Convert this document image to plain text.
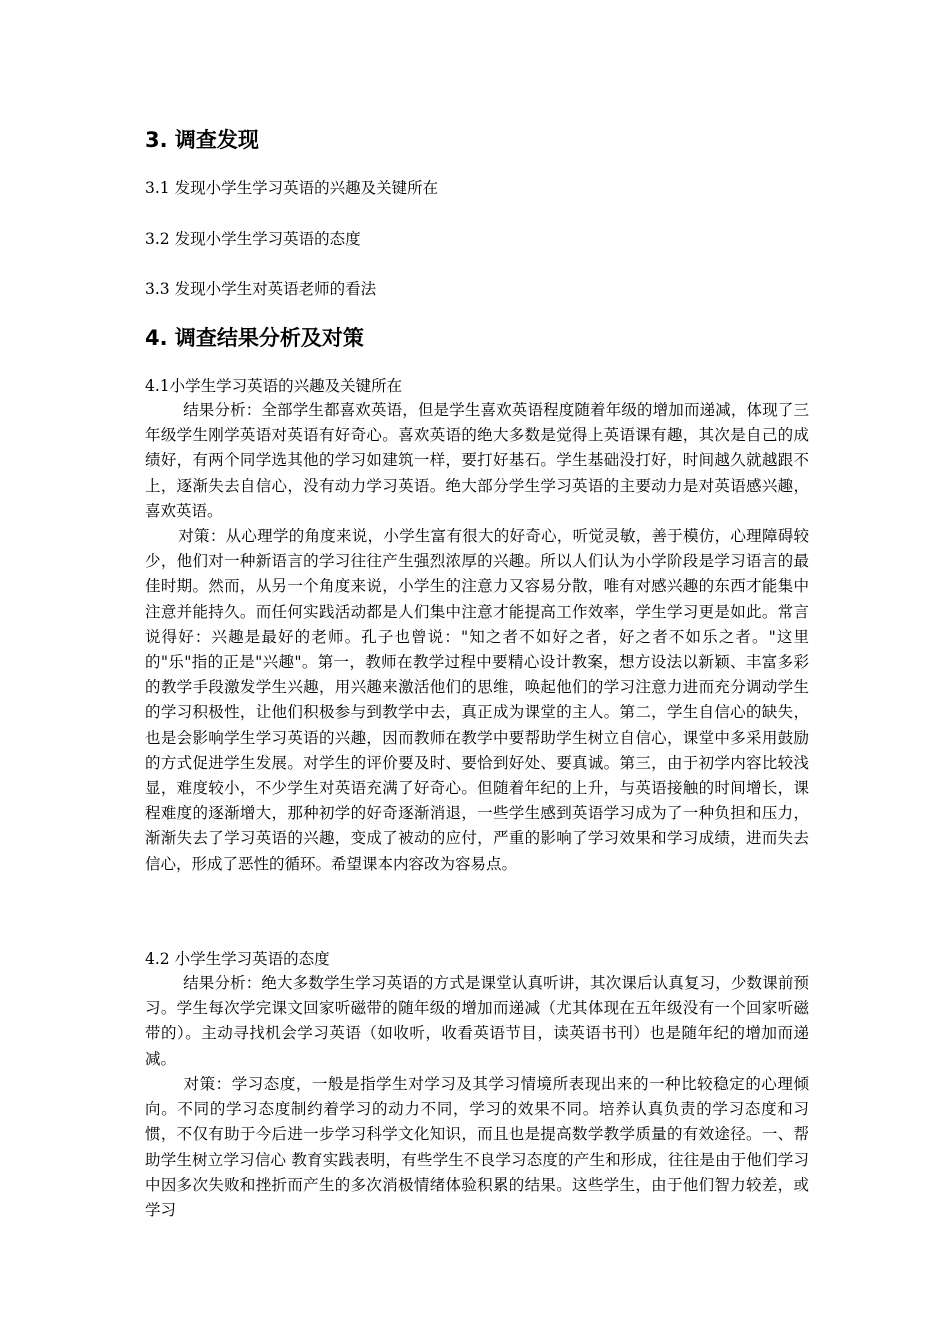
3. 调查发现
3.1 发现小学生学习英语的兴趣及关键所在
3.2 发现小学生学习英语的态度
3.3 发现小学生对英语老师的看法
4. 调查结果分析及对策
4.1小学生学习英语的兴趣及关键所在
结果分析：全部学生都喜欢英语，但是学生喜欢英语程度随着年级的增加而递减，体现了三年级学生刚学英语对英语有好奇心。喜欢英语的绝大多数是觉得上英语课有趣，其次是自己的成绩好，有两个同学选其他的学习如建筑一样，要打好基石。学生基础没打好，时间越久就越跟不上，逐渐失去自信心，没有动力学习英语。绝大部分学生学习英语的主要动力是对英语感兴趣，喜欢英语。
对策：从心理学的角度来说，小学生富有很大的好奇心，听觉灵敏，善于模仿，心理障碍较少，他们对一种新语言的学习往往产生强烈浓厚的兴趣。所以人们认为小学阶段是学习语言的最佳时期。然而，从另一个角度来说，小学生的注意力又容易分散，唯有对感兴趣的东西才能集中注意并能持久。而任何实践活动都是人们集中注意才能提高工作效率，学生学习更是如此。常言说得好：兴趣是最好的老师。孔子也曾说："知之者不如好之者，好之者不如乐之者。"这里的"乐"指的正是"兴趣"。第一，教师在教学过程中要精心设计教案，想方设法以新颖、丰富多彩的教学手段激发学生兴趣，用兴趣来激活他们的思维，唤起他们的学习注意力进而充分调动学生的学习积极性，让他们积极参与到教学中去，真正成为课堂的主人。第二，学生自信心的缺失，也是会影响学生学习英语的兴趣，因而教师在教学中要帮助学生树立自信心，课堂中多采用鼓励的方式促进学生发展。对学生的评价要及时、要恰到好处、要真诚。第三，由于初学内容比较浅显，难度较小，不少学生对英语充满了好奇心。但随着年纪的上升，与英语接触的时间增长，课程难度的逐渐增大，那种初学的好奇逐渐消退，一些学生感到英语学习成为了一种负担和压力，渐渐失去了学习英语的兴趣，变成了被动的应付，严重的影响了学习效果和学习成绩，进而失去信心，形成了恶性的循环。希望课本内容改为容易点。
4.2 小学生学习英语的态度
结果分析：绝大多数学生学习英语的方式是课堂认真听讲，其次课后认真复习，少数课前预习。学生每次学完课文回家听磁带的随年级的增加而递减（尤其体现在五年级没有一个回家听磁带的）。主动寻找机会学习英语（如收听，收看英语节目，读英语书刊）也是随年纪的增加而递减。
对策：学习态度，一般是指学生对学习及其学习情境所表现出来的一种比较稳定的心理倾向。不同的学习态度制约着学习的动力不同，学习的效果不同。培养认真负责的学习态度和习惯，不仅有助于今后进一步学习科学文化知识，而且也是提高数学教学质量的有效途径。一、帮助学生树立学习信心 教育实践表明，有些学生不良学习态度的产生和形成，往往是由于他们学习中因多次失败和挫折而产生的多次消极情绪体验积累的结果。这些学生，由于他们智力较差，或学习
